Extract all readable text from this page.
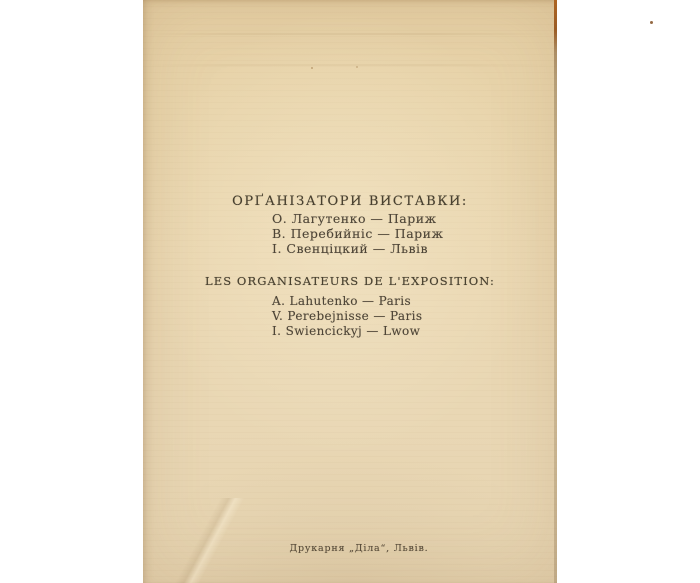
ОРҐАНІЗАТОРИ ВИСТАВКИ:
О. Лагутенко — Париж
В. Перебийніс — Париж
І. Свенціцкий — Львів
LES ORGANISATEURS DE L'EXPOSITION:
A. Lahutenko — Paris
V. Perebejnisse — Paris
I. Swiencickyj — Lwow
Друкарня „Діла“, Львів.
